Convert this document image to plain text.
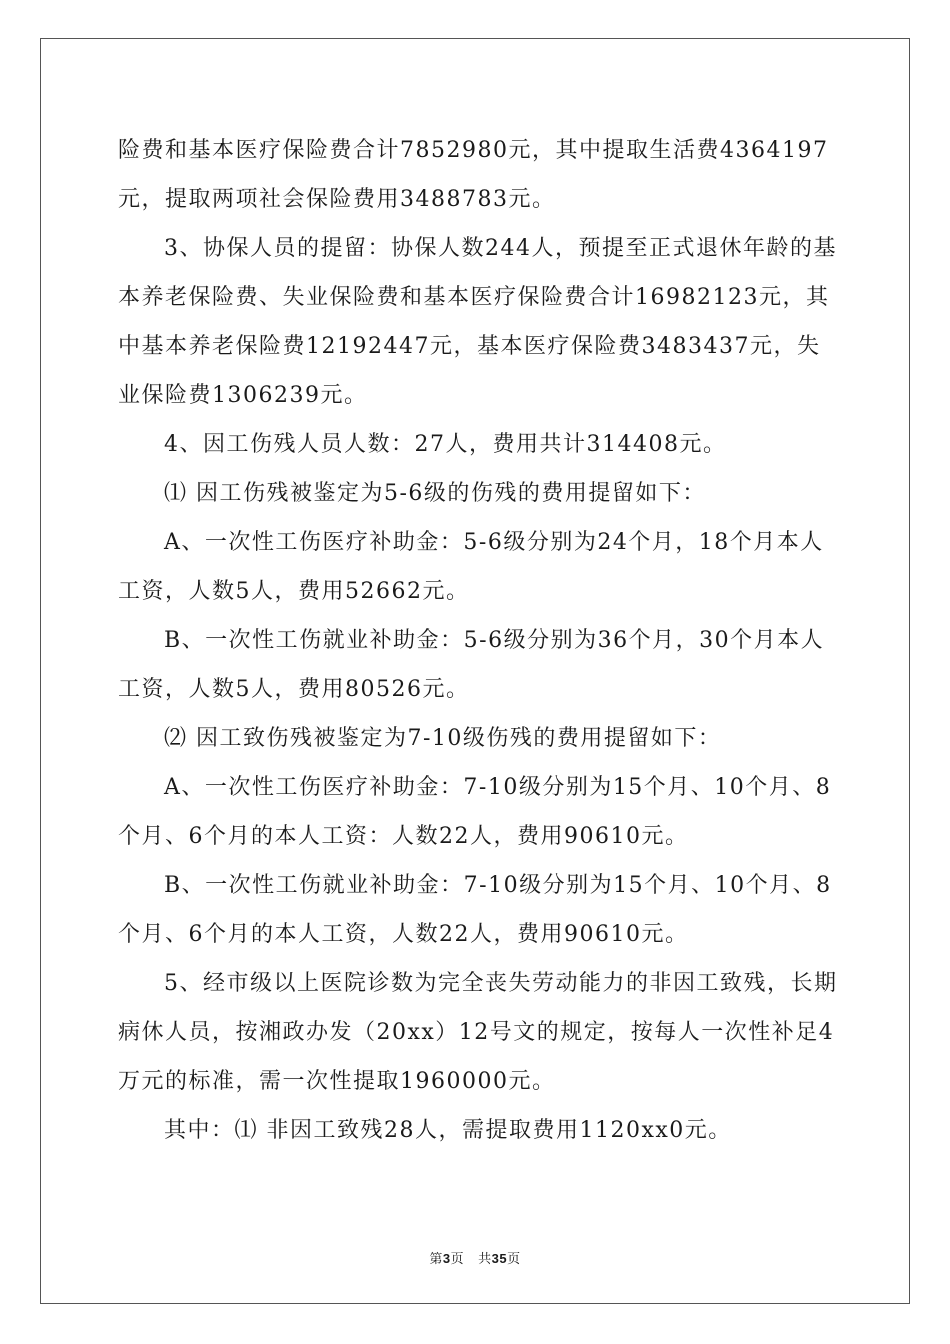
险费和基本医疗保险费合计7852980元，其中提取生活费4364197元，提取两项社会保险费用3488783元。

3、协保人员的提留：协保人数244人，预提至正式退休年龄的基本养老保险费、失业保险费和基本医疗保险费合计16982123元，其中基本养老保险费12192447元，基本医疗保险费3483437元，失业保险费1306239元。

4、因工伤残人员人数：27人，费用共计314408元。

⑴ 因工伤残被鉴定为5-6级的伤残的费用提留如下：

A、一次性工伤医疗补助金：5-6级分别为24个月，18个月本人工资，人数5人，费用52662元。

B、一次性工伤就业补助金：5-6级分别为36个月，30个月本人工资，人数5人，费用80526元。

⑵ 因工致伤残被鉴定为7-10级伤残的费用提留如下：

A、一次性工伤医疗补助金：7-10级分别为15个月、10个月、8个月、6个月的本人工资：人数22人，费用90610元。

B、一次性工伤就业补助金：7-10级分别为15个月、10个月、8个月、6个月的本人工资，人数22人，费用90610元。

5、经市级以上医院诊数为完全丧失劳动能力的非因工致残，长期病休人员，按湘政办发（20xx）12号文的规定，按每人一次性补足4万元的标准，需一次性提取1960000元。

其中：⑴ 非因工致残28人，需提取费用1120xx0元。

第3页 共35页
